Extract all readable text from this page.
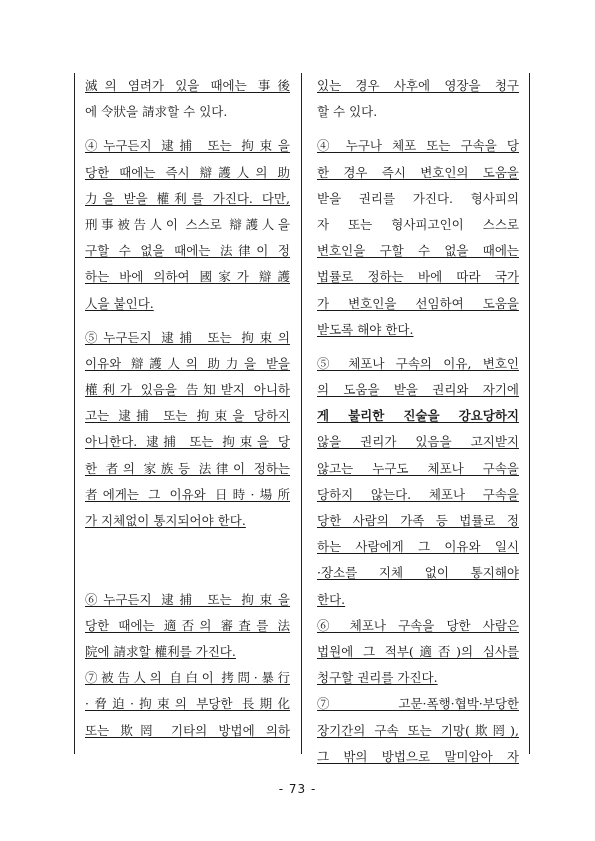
滅의 염려가 있을 때에는 事後
에 令狀을 請求할 수 있다.
④누구든지 逮捕 또는 拘束을
당한 때에는 즉시 辯護人의 助
力을 받을 權利를 가진다. 다만,
刑事被告人이 스스로 辯護人을
구할 수 없을 때에는 法律이 정
하는 바에 의하여 國家가 辯護
人을 붙인다.
⑤누구든지 逮捕 또는 拘束의
이유와 辯護人의 助力을 받을
權利가 있음을 告知받지 아니하
고는 逮捕 또는 拘束을 당하지
아니한다. 逮捕 또는 拘束을 당
한 者의 家族등 法律이 정하는
者에게는 그 이유와 日時·場所
가 지체없이 통지되어야 한다.
⑥누구든지 逮捕 또는 拘束을
당한 때에는 適否의 審査를 法
院에 請求할 權利를 가진다.
⑦被告人의 自白이 拷問·暴行
·脅迫·拘束의 부당한 長期化
또는 欺罔 기타의 방법에 의하
있는 경우 사후에 영장을 청구
할 수 있다.
④ 누구나 체포 또는 구속을 당
한 경우 즉시 변호인의 도움을
받을 권리를 가진다. 형사피의
자 또는 형사피고인이 스스로
변호인을 구할 수 없을 때에는
법률로 정하는 바에 따라 국가
가 변호인을 선임하여 도움을
받도록 해야 한다.
⑤ 체포나 구속의 이유, 변호인
의 도움을 받을 권리와 자기에
게 불리한 진술을 강요당하지
않을 권리가 있음을 고지받지
않고는 누구도 체포나 구속을
당하지 않는다. 체포나 구속을
당한 사람의 가족 등 법률로 정
하는 사람에게 그 이유와 일시
·장소를 지체 없이 통지해야
한다.
⑥ 체포나 구속을 당한 사람은
법원에 그 적부(適否)의 심사를
청구할 권리를 가진다.
⑦ 고문·폭행·협박·부당한
장기간의 구속 또는 기망(欺罔),
그 밖의 방법으로 말미암아 자
- 73 -
